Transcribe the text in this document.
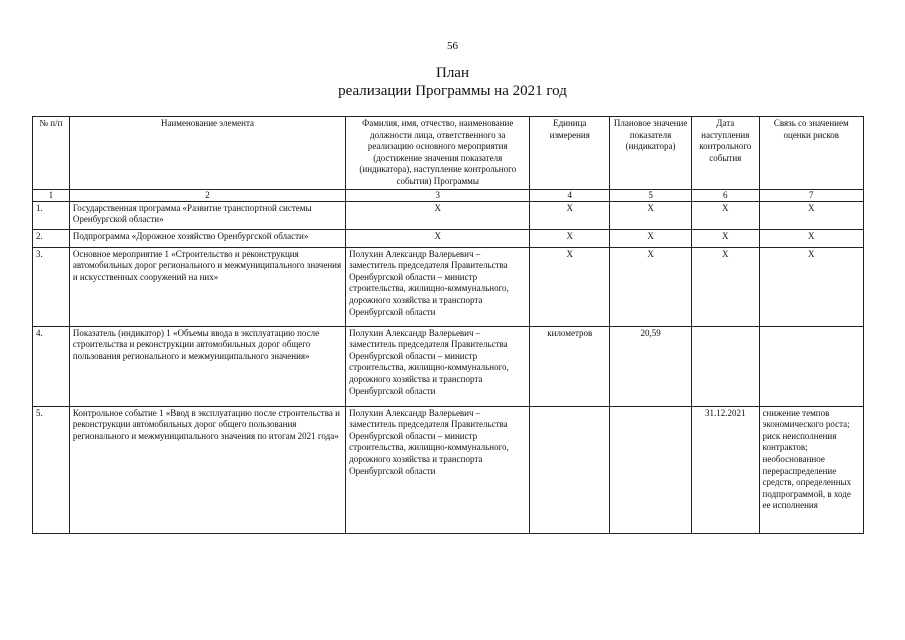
56
План
реализации Программы на 2021 год
№ п/п	Наименование элемента	Фамилия, имя, отчество, наименование должности лица, ответственного за реализацию основного мероприятия (достижение значения показателя (индикатора), наступление контрольного события) Программы	Единица измерения	Плановое значение показателя (индикатора)	Дата наступления контрольного события	Связь со значением оценки рисков
1	2	3	4	5	6	7
1.	Государственная программа «Развитие транспортной системы Оренбургской области»	Х	Х	Х	Х	Х
2.	Подпрограмма «Дорожное хозяйство Оренбургской области»	Х	Х	Х	Х	Х
3.	Основное мероприятие 1 «Строительство и реконструкция автомобильных дорог регионального и межмуниципального значения и искусственных сооружений на них»	Полухин Александр Валерьевич – заместитель председателя Правительства Оренбургской области – министр строительства, жилищно-коммунального, дорожного хозяйства и транспорта Оренбургской области	Х	Х	Х	Х
4.	Показатель (индикатор) 1 «Объемы ввода в эксплуатацию после строительства и реконструкции автомобильных дорог общего пользования регионального и межмуниципального значения»	Полухин Александр Валерьевич – заместитель председателя Правительства Оренбургской области – министр строительства, жилищно-коммунального, дорожного хозяйства и транспорта Оренбургской области	километров	20,59		
5.	Контрольное событие 1 «Ввод в эксплуатацию после строительства и реконструкции автомобильных дорог общего пользования регионального и межмуниципального значения по итогам 2021 года»	Полухин Александр Валерьевич – заместитель председателя Правительства Оренбургской области – министр строительства, жилищно-коммунального, дорожного хозяйства и транспорта Оренбургской области			31.12.2021	снижение темпов экономического роста; риск неисполнения контрактов; необоснованное перераспределение средств, определенных подпрограммой, в ходе ее исполнения
